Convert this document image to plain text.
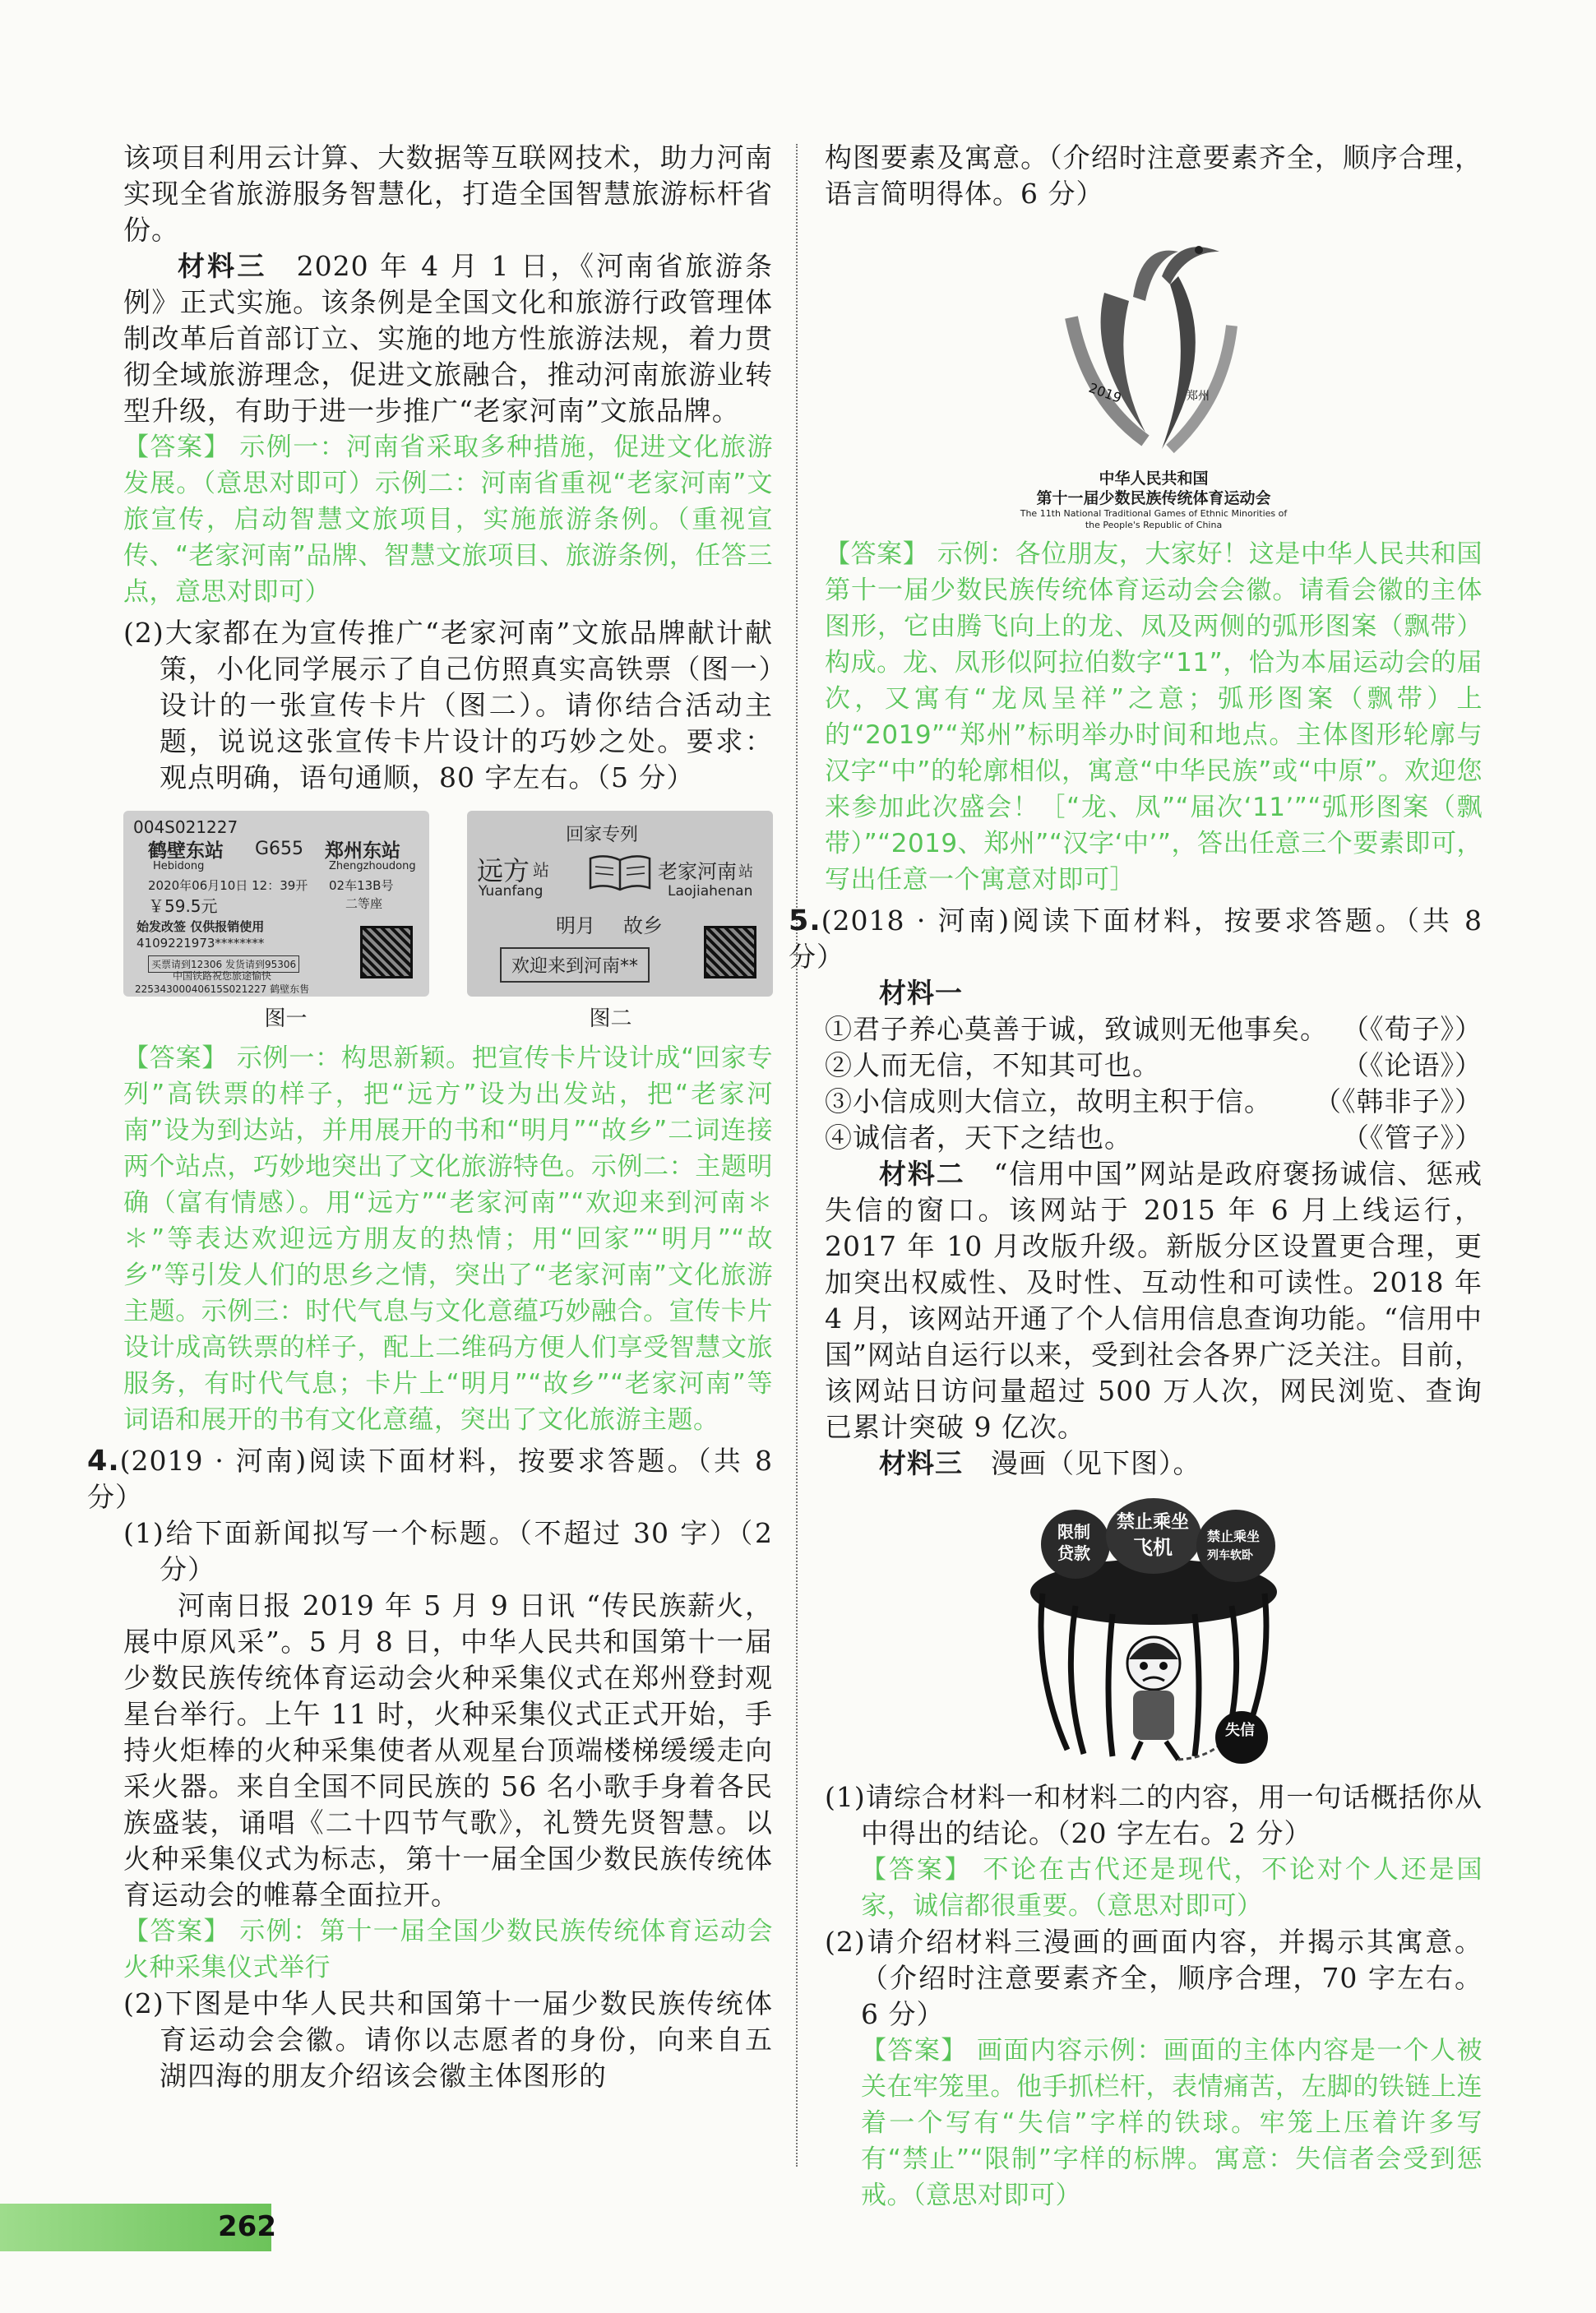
该项目利用云计算、大数据等互联网技术，助力河南实现全省旅游服务智慧化，打造全国智慧旅游标杆省份。

材料三　 2020 年 4 月 1 日，《河南省旅游条例》正式实施。该条例是全国文化和旅游行政管理体制改革后首部订立、实施的地方性旅游法规，着力贯彻全域旅游理念，促进文旅融合，推动河南旅游业转型升级，有助于进一步推广“老家河南”文旅品牌。

【答案】 示例一：河南省采取多种措施，促进文化旅游发展。（意思对即可）示例二：河南省重视“老家河南”文旅宣传，启动智慧文旅项目，实施旅游条例。（重视宣传、“老家河南”品牌、智慧文旅项目、旅游条例，任答三点，意思对即可）

(2)大家都在为宣传推广“老家河南”文旅品牌献计献策，小化同学展示了自己仿照真实高铁票（图一）设计的一张宣传卡片（图二）。请你结合活动主题，说说这张宣传卡片设计的巧妙之处。要求：观点明确，语句通顺，80 字左右。（5 分）

004S021227
鹤壁东站 G655 郑州东站
Hebidong	Zhengzhoudong
2020年06月10日 12：39开 02车13B号
￥59.5元	二等座
始发改签 仅供报销使用
4109221973********
买票请到12306 发货请到95306
中国铁路祝您旅途愉快
22534300040615S021227 鹤壁东售
回家专列
远方 站
Yuanfang
老家河南 站
Laojiahenan
明月 故乡
欢迎来到河南**
图一	图二

【答案】 示例一：构思新颖。把宣传卡片设计成“回家专列”高铁票的样子，把“远方”设为出发站，把“老家河南”设为到达站，并用展开的书和“明月”“故乡”二词连接两个站点，巧妙地突出了文化旅游特色。示例二：主题明确（富有情感）。用“远方”“老家河南”“欢迎来到河南＊＊”等表达欢迎远方朋友的热情；用“回家”“明月”“故乡”等引发人们的思乡之情，突出了“老家河南”文化旅游主题。示例三：时代气息与文化意蕴巧妙融合。宣传卡片设计成高铁票的样子，配上二维码方便人们享受智慧文旅服务，有时代气息；卡片上“明月”“故乡”“老家河南”等词语和展开的书有文化意蕴，突出了文化旅游主题。

4.(2019 · 河南)阅读下面材料，按要求答题。（共 8 分）

(1)给下面新闻拟写一个标题。（不超过 30 字）（2 分）

河南日报 2019 年 5 月 9 日讯 “传民族薪火，展中原风采”。5 月 8 日，中华人民共和国第十一届少数民族传统体育运动会火种采集仪式在郑州登封观星台举行。上午 11 时，火种采集仪式正式开始，手持火炬棒的火种采集使者从观星台顶端楼梯缓缓走向采火器。来自全国不同民族的 56 名小歌手身着各民族盛装，诵唱《二十四节气歌》，礼赞先贤智慧。以火种采集仪式为标志，第十一届全国少数民族传统体育运动会的帷幕全面拉开。

【答案】 示例：第十一届全国少数民族传统体育运动会火种采集仪式举行

(2)下图是中华人民共和国第十一届少数民族传统体育运动会会徽。请你以志愿者的身份，向来自五湖四海的朋友介绍该会徽主体图形的

构图要素及寓意。（介绍时注意要素齐全，顺序合理，语言简明得体。6 分）

2019	郑州
中华人民共和国
第十一届少数民族传统体育运动会
The 11th National Traditional Games of Ethnic Minorities of
the People's Republic of China

【答案】 示例：各位朋友，大家好！这是中华人民共和国第十一届少数民族传统体育运动会会徽。请看会徽的主体图形，它由腾飞向上的龙、凤及两侧的弧形图案（飘带）构成。龙、凤形似阿拉伯数字“11”，恰为本届运动会的届次，又寓有“龙凤呈祥”之意；弧形图案（飘带）上的“2019”“郑州”标明举办时间和地点。主体图形轮廓与汉字“中”的轮廓相似，寓意“中华民族”或“中原”。欢迎您来参加此次盛会！［“龙、凤”“届次‘11’”“弧形图案（飘带）”“2019、郑州”“汉字‘中’”，答出任意三个要素即可，写出任意一个寓意对即可］

5.(2018 · 河南)阅读下面材料，按要求答题。（共 8 分）

材料一

①君子养心莫善于诚，致诚则无他事矣。 （《荀子》）
②人而无信，不知其可也。	（《论语》）
③小信成则大信立，故明主积于信。 （《韩非子》）
④诚信者，天下之结也。	（《管子》）

材料二　 “信用中国”网站是政府褒扬诚信、惩戒失信的窗口。该网站于 2015 年 6 月上线运行，2017 年 10 月改版升级。新版分区设置更合理，更加突出权威性、及时性、互动性和可读性。2018 年 4 月，该网站开通了个人信用信息查询功能。“信用中国”网站自运行以来，受到社会各界广泛关注。目前，该网站日访问量超过 500 万人次，网民浏览、查询已累计突破 9 亿次。

材料三　 漫画（见下图）。

限制
贷款
禁止乘坐
飞机	禁止乘坐
列车软卧
失信

(1)请综合材料一和材料二的内容，用一句话概括你从中得出的结论。（20 字左右。2 分）

【答案】 不论在古代还是现代，不论对个人还是国家，诚信都很重要。（意思对即可）

(2)请介绍材料三漫画的画面内容，并揭示其寓意。（介绍时注意要素齐全，顺序合理，70 字左右。6 分）

【答案】 画面内容示例：画面的主体内容是一个人被关在牢笼里。他手抓栏杆，表情痛苦，左脚的铁链上连着一个写有“失信”字样的铁球。牢笼上压着许多写有“禁止”“限制”字样的标牌。寓意：失信者会受到惩戒。（意思对即可）

262
